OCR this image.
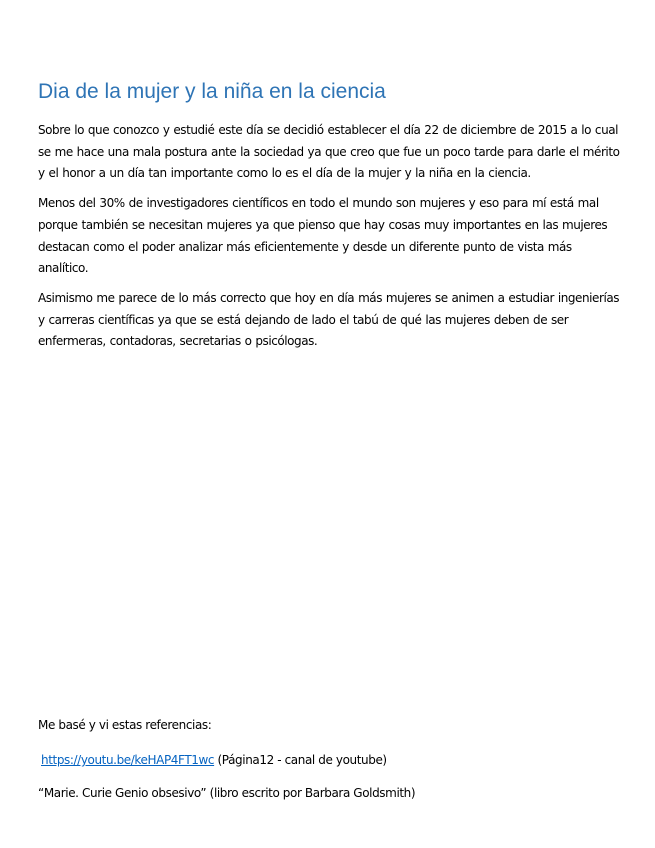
Dia de la mujer y la niña en la ciencia

Sobre lo que conozco y estudié este día se decidió establecer el día 22 de diciembre de 2015 a lo cual se me hace una mala postura ante la sociedad ya que creo que fue un poco tarde para darle el mérito y el honor a un día tan importante como lo es el día de la mujer y la niña en la ciencia.

Menos del 30% de investigadores científicos en todo el mundo son mujeres y eso para mí está mal porque también se necesitan mujeres ya que pienso que hay cosas muy importantes en las mujeres destacan como el poder analizar más eficientemente y desde un diferente punto de vista más analítico.

Asimismo me parece de lo más correcto que hoy en día más mujeres se animen a estudiar ingenierías y carreras científicas ya que se está dejando de lado el tabú de qué las mujeres deben de ser enfermeras, contadoras, secretarias o psicólogas.

Me basé y vi estas referencias:

https://youtu.be/keHAP4FT1wc (Página12 - canal de youtube)

“Marie. Curie Genio obsesivo” (libro escrito por Barbara Goldsmith)
